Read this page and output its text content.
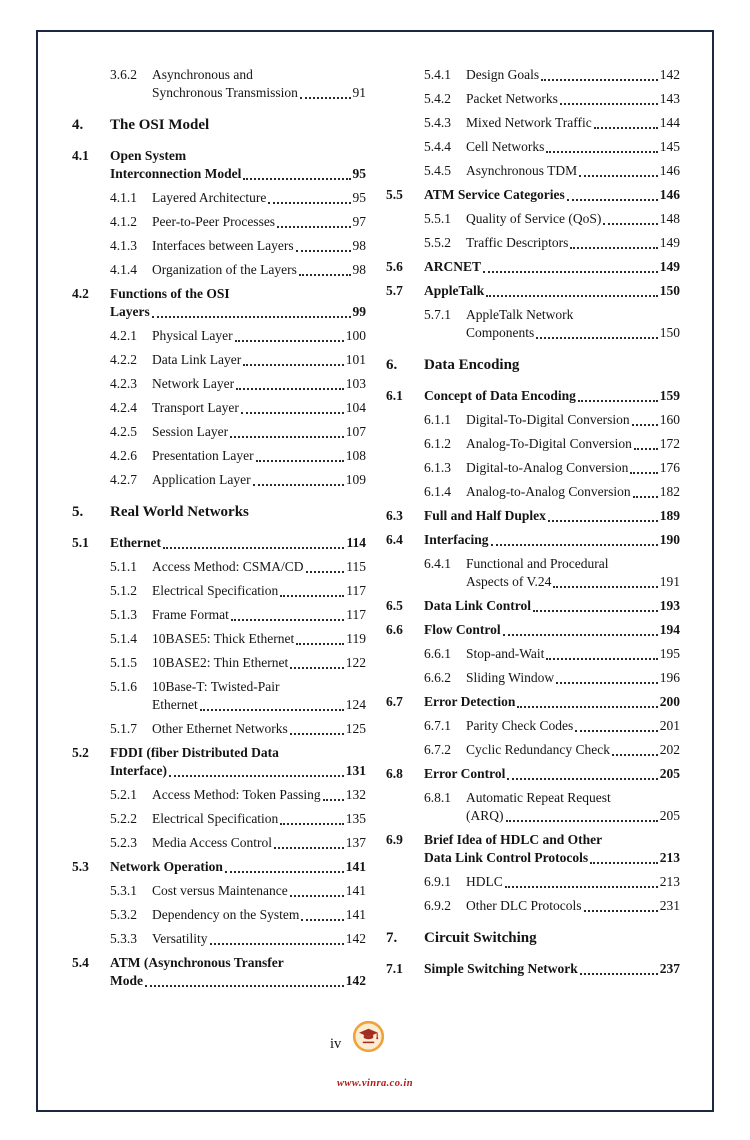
3.6.2	Asynchronous and
Synchronous Transmission	91
4.	The OSI Model
4.1	Open System
Interconnection Model	95
4.1.1	Layered Architecture	95
4.1.2	Peer-to-Peer Processes	97
4.1.3	Interfaces between Layers	98
4.1.4	Organization of the Layers	98
4.2	Functions of the OSI
Layers	99
4.2.1	Physical Layer	100
4.2.2	Data Link Layer	101
4.2.3	Network Layer	103
4.2.4	Transport Layer	104
4.2.5	Session Layer	107
4.2.6	Presentation Layer	108
4.2.7	Application Layer	109
5.	Real World Networks
5.1	Ethernet	114
5.1.1	Access Method: CSMA/CD	115
5.1.2	Electrical Specification	117
5.1.3	Frame Format	117
5.1.4	10BASE5: Thick Ethernet	119
5.1.5	10BASE2: Thin Ethernet	122
5.1.6	10Base-T: Twisted-Pair
Ethernet	124
5.1.7	Other Ethernet Networks	125
5.2	FDDI (fiber Distributed Data
Interface)	131
5.2.1	Access Method: Token Passing 132
5.2.2	Electrical Specification	135
5.2.3	Media Access Control	137
5.3	Network Operation	141
5.3.1	Cost versus Maintenance	141
5.3.2	Dependency on the System	141
5.3.3	Versatility	142
5.4	ATM (Asynchronous Transfer
Mode	142
5.4.1	Design Goals	142
5.4.2	Packet Networks	143
5.4.3	Mixed Network Traffic	144
5.4.4	Cell Networks	145
5.4.5	Asynchronous TDM	146
5.5	ATM Service Categories	146
5.5.1	Quality of Service (QoS)	148
5.5.2	Traffic Descriptors	149
5.6	ARCNET	149
5.7	AppleTalk	150
5.7.1	AppleTalk Network
Components	150
6.	Data Encoding
6.1	Concept of Data Encoding	159
6.1.1	Digital-To-Digital Conversion 160
6.1.2	Analog-To-Digital Conversion 172
6.1.3	Digital-to-Analog Conversion 176
6.1.4	Analog-to-Analog Conversion 182
6.3	Full and Half Duplex	189
6.4	Interfacing	190
6.4.1	Functional and Procedural
Aspects of V.24	191
6.5	Data Link Control	193
6.6	Flow Control	194
6.6.1	Stop-and-Wait	195
6.6.2	Sliding Window	196
6.7	Error Detection	200
6.7.1	Parity Check Codes	201
6.7.2	Cyclic Redundancy Check	202
6.8	Error Control	205
6.8.1	Automatic Repeat Request
(ARQ)	205
6.9	Brief Idea of HDLC and Other
Data Link Control Protocols	213
6.9.1	HDLC	213
6.9.2	Other DLC Protocols	231
7.	Circuit Switching
7.1	Simple Switching Network	237
iv
www.vinra.co.in
